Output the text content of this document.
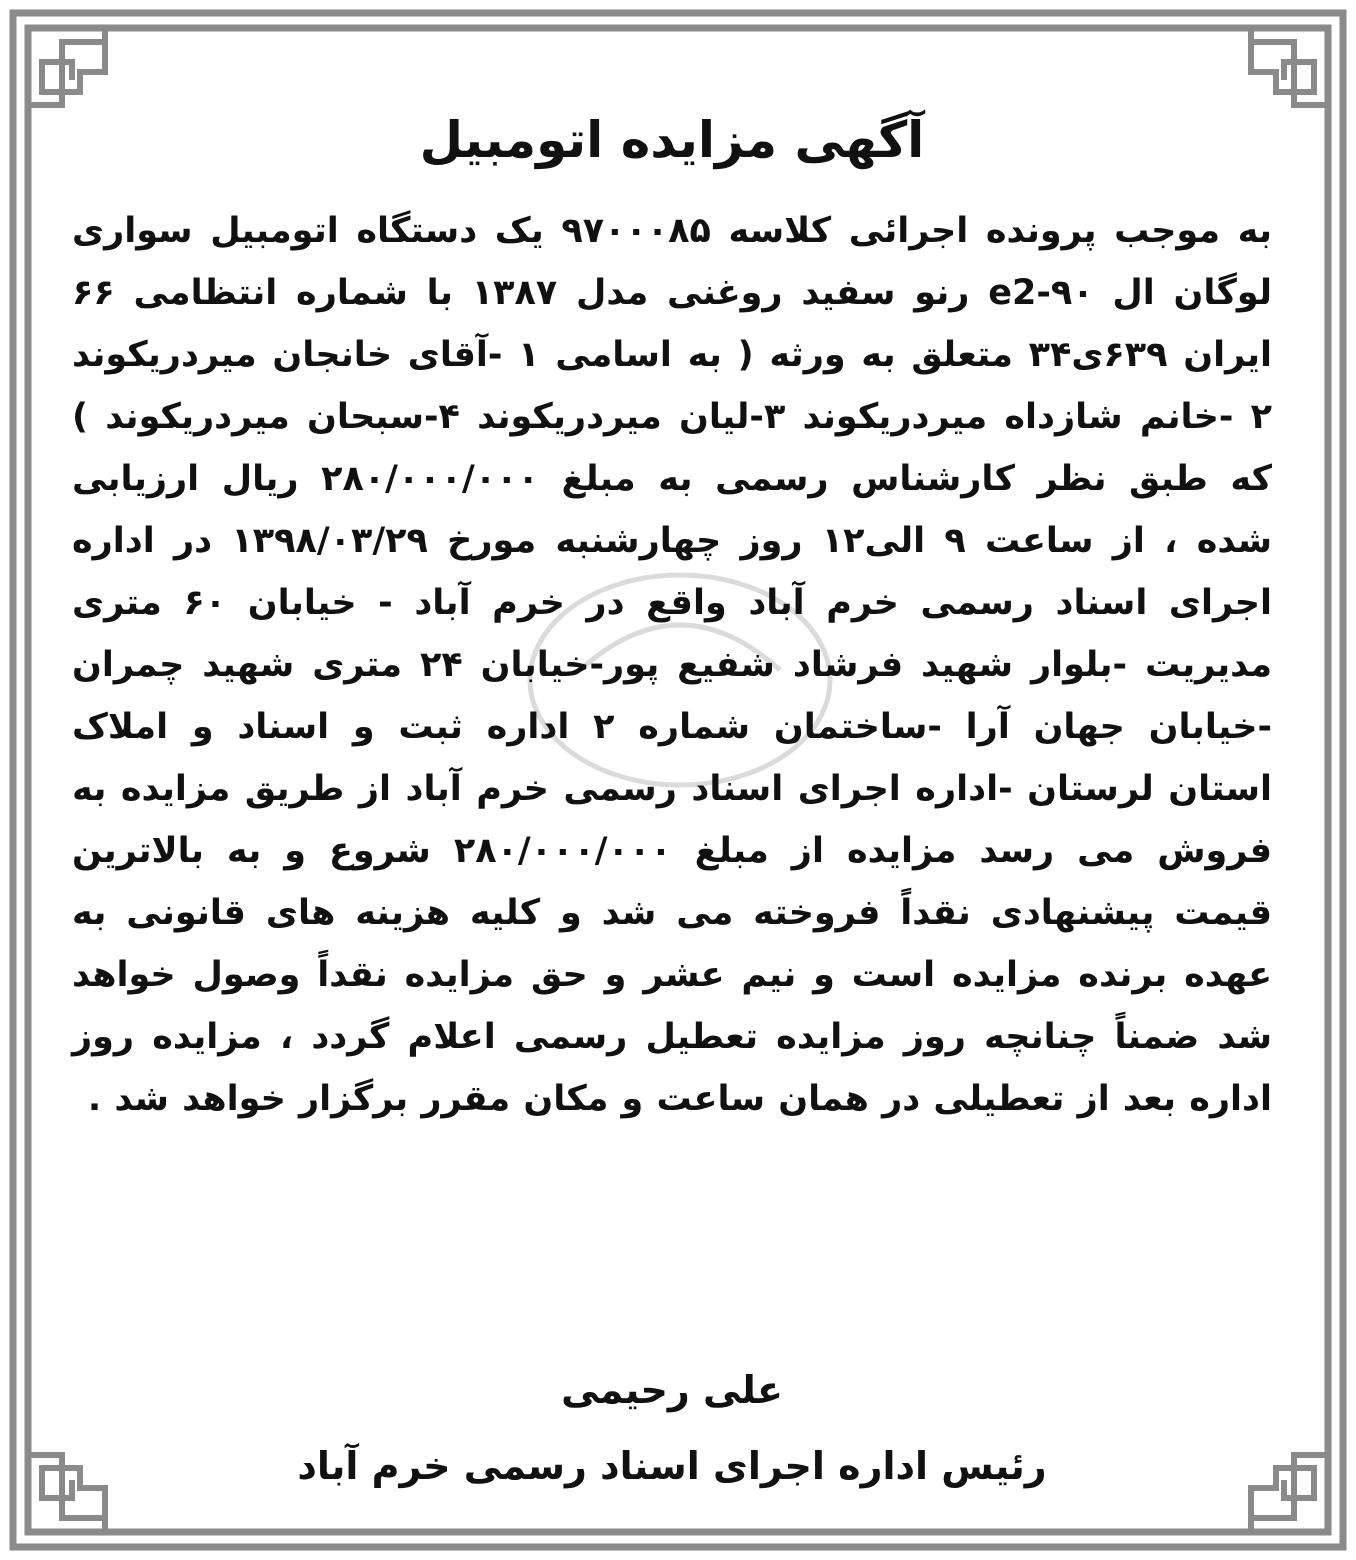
آگهی مزایده اتومبیل

به موجب پرونده اجرائی کلاسه ۹۷۰۰۰۸۵ یک دستگاه اتومبیل سواری لوگان ال ۹۰-e2 رنو سفید روغنی مدل ۱۳۸۷ با شماره انتظامی ۶۶ ایران ۶۳۹ی۳۴ متعلق به ورثه ( به اسامی ۱ -آقای خانجان میردریکوند ۲ -خانم شازداه میردریکوند ۳-لیان میردریکوند ۴-سبحان میردریکوند ) که طبق نظر کارشناس رسمی به مبلغ ۲۸۰/۰۰۰/۰۰۰ ریال ارزیابی شده ، از ساعت ۹ الی۱۲ روز چهارشنبه مورخ ۱۳۹۸/۰۳/۲۹ در اداره اجرای اسناد رسمی خرم آباد واقع در خرم آباد - خیابان ۶۰ متری مدیریت -بلوار شهید فرشاد شفیع پور-خیابان ۲۴ متری شهید چمران -خیابان جهان آرا -ساختمان شماره ۲ اداره ثبت و اسناد و املاک استان لرستان -اداره اجرای اسناد رسمی خرم آباد از طریق مزایده به فروش می رسد مزایده از مبلغ ۲۸۰/۰۰۰/۰۰۰ شروع و به بالاترین قیمت پیشنهادی نقداً فروخته می شد و کلیه هزینه های قانونی به عهده برنده مزایده است و نیم عشر و حق مزایده نقداً وصول خواهد شد ضمناً چنانچه روز مزایده تعطیل رسمی اعلام گردد ، مزایده روز اداره بعد از تعطیلی در همان ساعت و مکان مقرر برگزار خواهد شد .

علی رحیمی

رئیس اداره اجرای اسناد رسمی خرم آباد
